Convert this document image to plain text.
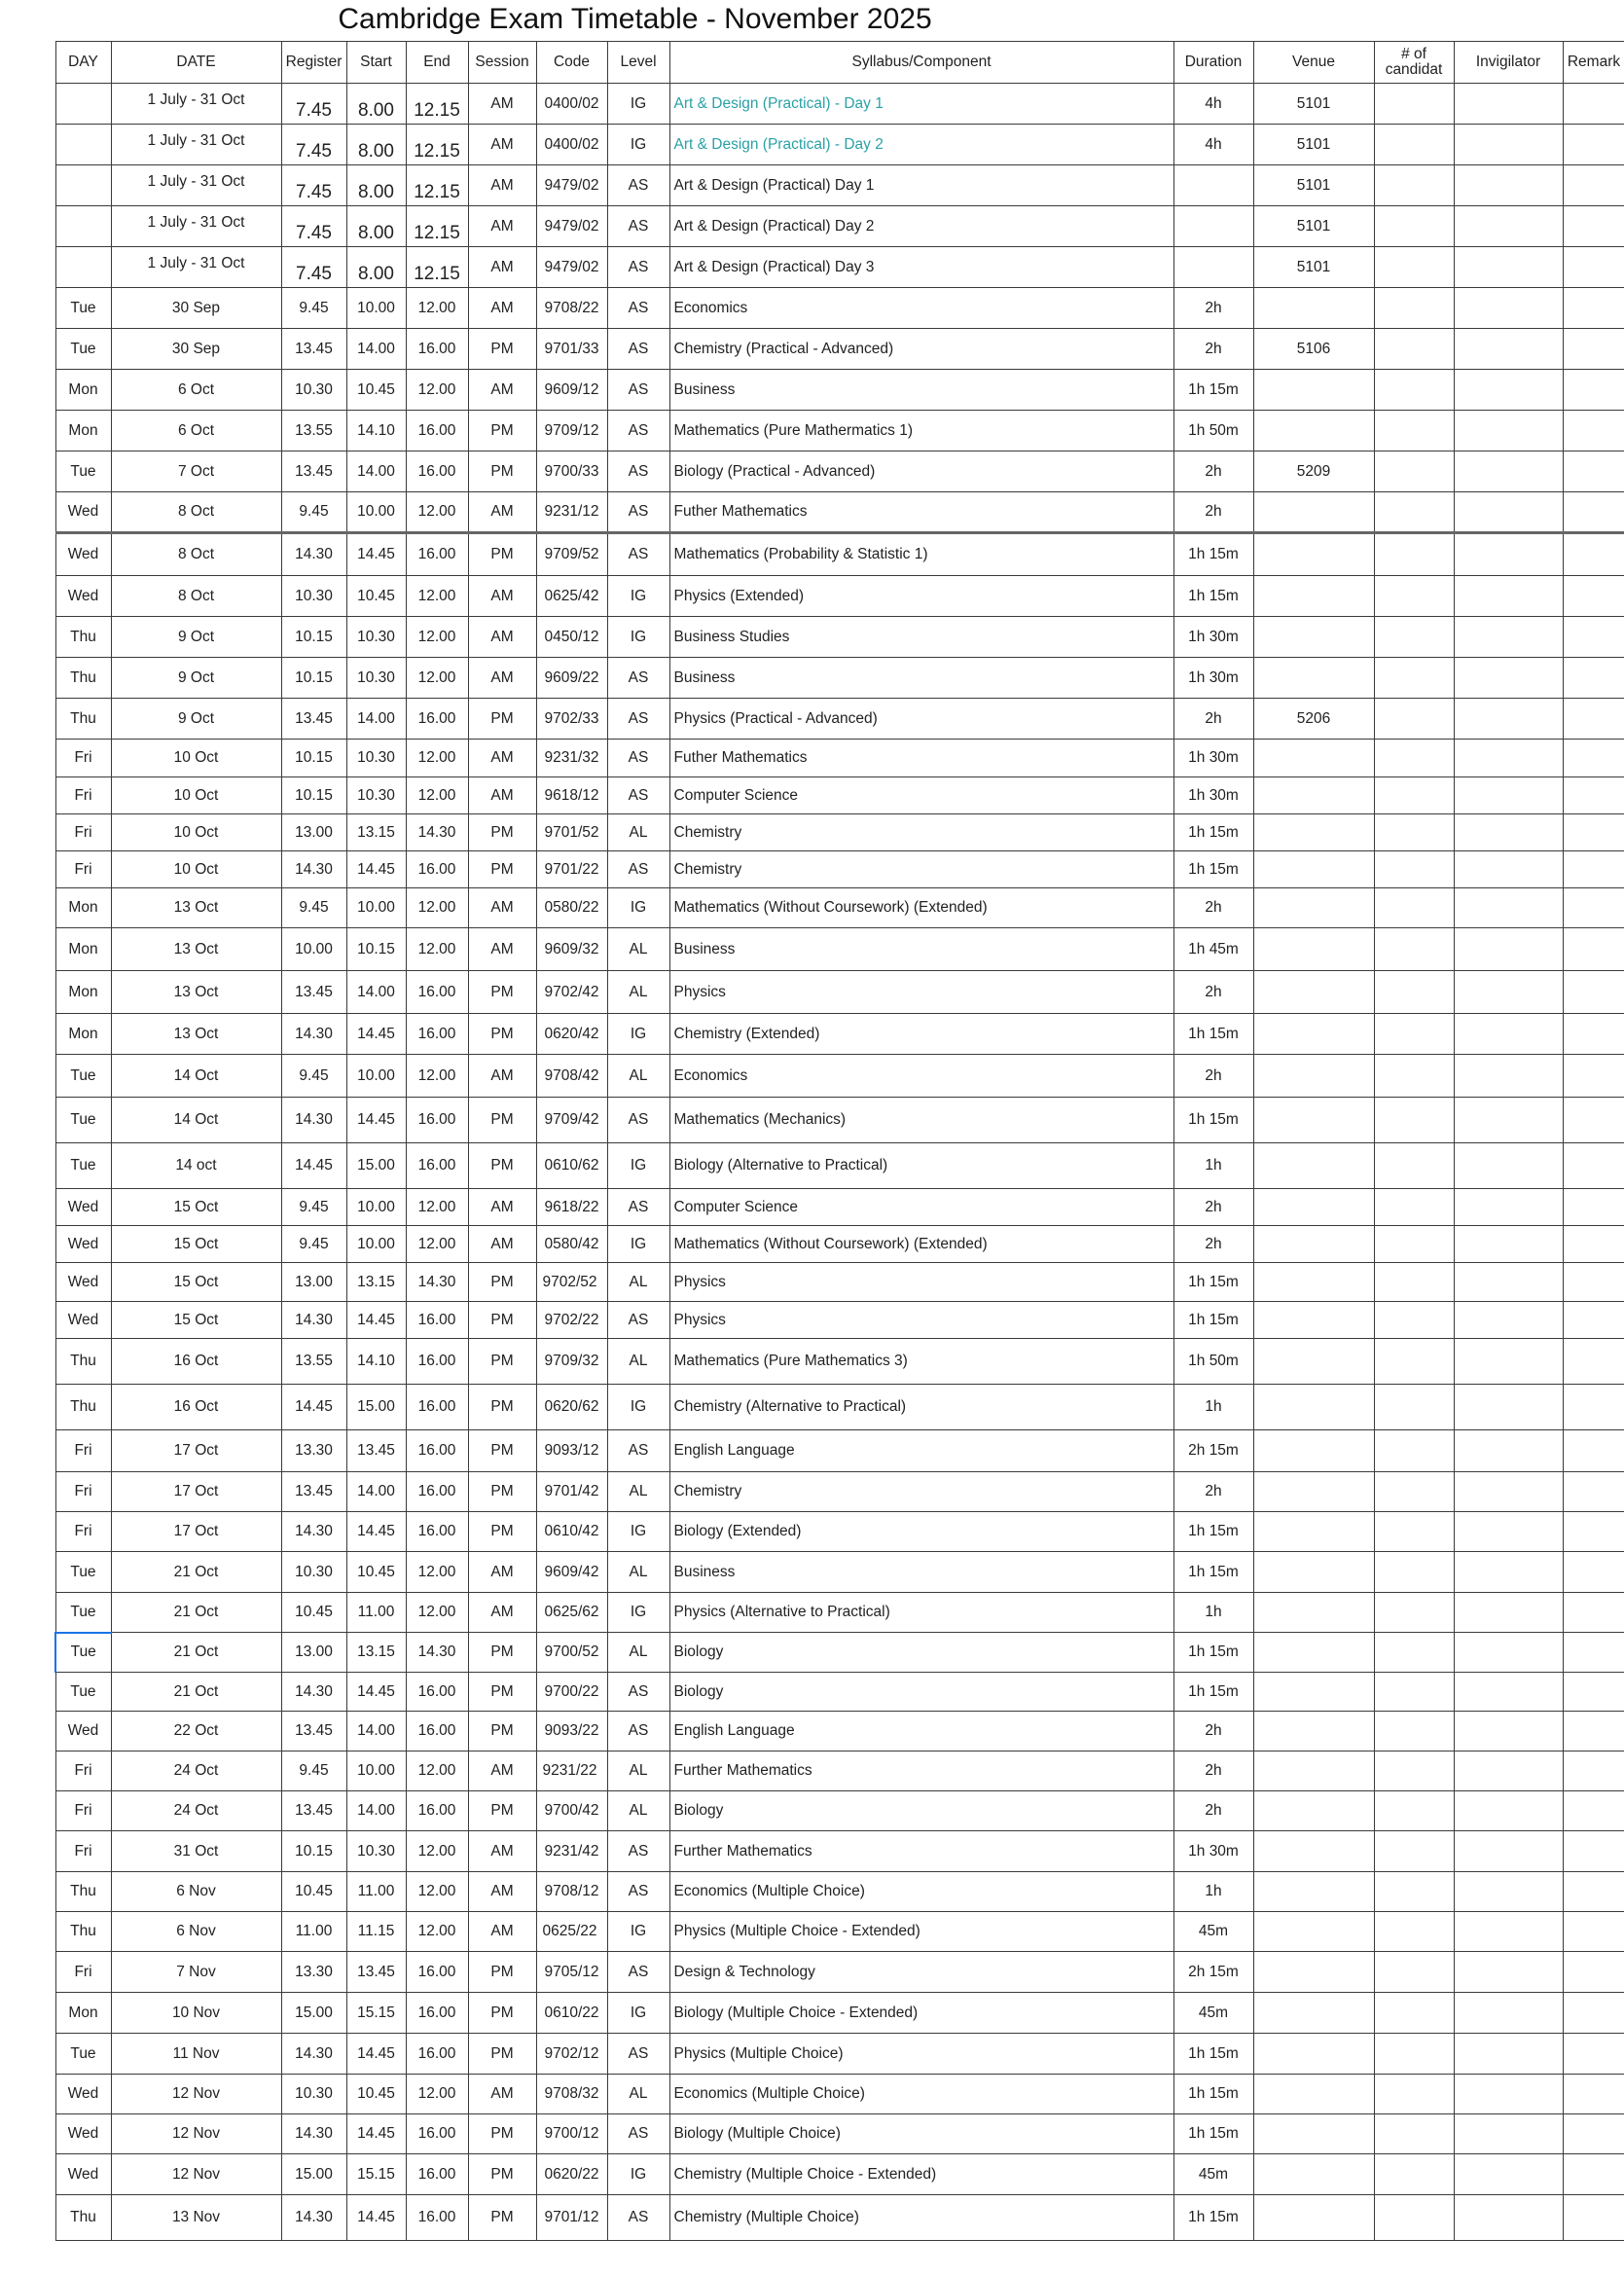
Cambridge Exam Timetable - November 2025
DAY	DATE	Register	Start	End	Session	Code	Level	Syllabus/Component	Duration	Venue	# of candidat	Invigilator	Remark
	1 July - 31 Oct	7.45	8.00	12.15	AM	0400/02	IG	Art & Design (Practical) - Day 1	4h	5101			
	1 July - 31 Oct	7.45	8.00	12.15	AM	0400/02	IG	Art & Design (Practical) - Day 2	4h	5101			
	1 July - 31 Oct	7.45	8.00	12.15	AM	9479/02	AS	Art & Design (Practical) Day 1		5101			
	1 July - 31 Oct	7.45	8.00	12.15	AM	9479/02	AS	Art & Design (Practical) Day 2		5101			
	1 July - 31 Oct	7.45	8.00	12.15	AM	9479/02	AS	Art & Design (Practical) Day 3		5101			
Tue	30 Sep	9.45	10.00	12.00	AM	9708/22	AS	Economics	2h				
Tue	30 Sep	13.45	14.00	16.00	PM	9701/33	AS	Chemistry (Practical - Advanced)	2h	5106			
Mon	6 Oct	10.30	10.45	12.00	AM	9609/12	AS	Business	1h 15m				
Mon	6 Oct	13.55	14.10	16.00	PM	9709/12	AS	Mathematics (Pure Mathermatics 1)	1h 50m				
Tue	7 Oct	13.45	14.00	16.00	PM	9700/33	AS	Biology (Practical - Advanced)	2h	5209			
Wed	8 Oct	9.45	10.00	12.00	AM	9231/12	AS	Futher Mathematics	2h				
Wed	8 Oct	14.30	14.45	16.00	PM	9709/52	AS	Mathematics (Probability & Statistic 1)	1h 15m				
Wed	8 Oct	10.30	10.45	12.00	AM	0625/42	IG	Physics (Extended)	1h 15m				
Thu	9 Oct	10.15	10.30	12.00	AM	0450/12	IG	Business Studies	1h 30m				
Thu	9 Oct	10.15	10.30	12.00	AM	9609/22	AS	Business	1h 30m				
Thu	9 Oct	13.45	14.00	16.00	PM	9702/33	AS	Physics (Practical - Advanced)	2h	5206			
Fri	10 Oct	10.15	10.30	12.00	AM	9231/32	AS	Futher Mathematics	1h 30m				
Fri	10 Oct	10.15	10.30	12.00	AM	9618/12	AS	Computer Science	1h 30m				
Fri	10 Oct	13.00	13.15	14.30	PM	9701/52	AL	Chemistry	1h 15m				
Fri	10 Oct	14.30	14.45	16.00	PM	9701/22	AS	Chemistry	1h 15m				
Mon	13 Oct	9.45	10.00	12.00	AM	0580/22	IG	Mathematics (Without Coursework) (Extended)	2h				
Mon	13 Oct	10.00	10.15	12.00	AM	9609/32	AL	Business	1h 45m				
Mon	13 Oct	13.45	14.00	16.00	PM	9702/42	AL	Physics	2h				
Mon	13 Oct	14.30	14.45	16.00	PM	0620/42	IG	Chemistry (Extended)	1h 15m				
Tue	14 Oct	9.45	10.00	12.00	AM	9708/42	AL	Economics	2h				
Tue	14 Oct	14.30	14.45	16.00	PM	9709/42	AS	Mathematics (Mechanics)	1h 15m				
Tue	14 oct	14.45	15.00	16.00	PM	0610/62	IG	Biology (Alternative to Practical)	1h				
Wed	15 Oct	9.45	10.00	12.00	AM	9618/22	AS	Computer Science	2h				
Wed	15 Oct	9.45	10.00	12.00	AM	0580/42	IG	Mathematics (Without Coursework) (Extended)	2h				
Wed	15 Oct	13.00	13.15	14.30	PM	9702/52	AL	Physics	1h 15m				
Wed	15 Oct	14.30	14.45	16.00	PM	9702/22	AS	Physics	1h 15m				
Thu	16 Oct	13.55	14.10	16.00	PM	9709/32	AL	Mathematics (Pure Mathematics 3)	1h 50m				
Thu	16 Oct	14.45	15.00	16.00	PM	0620/62	IG	Chemistry (Alternative to Practical)	1h				
Fri	17 Oct	13.30	13.45	16.00	PM	9093/12	AS	English Language	2h 15m				
Fri	17 Oct	13.45	14.00	16.00	PM	9701/42	AL	Chemistry	2h				
Fri	17 Oct	14.30	14.45	16.00	PM	0610/42	IG	Biology (Extended)	1h 15m				
Tue	21 Oct	10.30	10.45	12.00	AM	9609/42	AL	Business	1h 15m				
Tue	21 Oct	10.45	11.00	12.00	AM	0625/62	IG	Physics (Alternative to Practical)	1h				
Tue	21 Oct	13.00	13.15	14.30	PM	9700/52	AL	Biology	1h 15m				
Tue	21 Oct	14.30	14.45	16.00	PM	9700/22	AS	Biology	1h 15m				
Wed	22 Oct	13.45	14.00	16.00	PM	9093/22	AS	English Language	2h				
Fri	24 Oct	9.45	10.00	12.00	AM	9231/22	AL	Further Mathematics	2h				
Fri	24 Oct	13.45	14.00	16.00	PM	9700/42	AL	Biology	2h				
Fri	31 Oct	10.15	10.30	12.00	AM	9231/42	AS	Further Mathematics	1h 30m				
Thu	6 Nov	10.45	11.00	12.00	AM	9708/12	AS	Economics (Multiple Choice)	1h				
Thu	6 Nov	11.00	11.15	12.00	AM	0625/22	IG	Physics (Multiple Choice - Extended)	45m				
Fri	7 Nov	13.30	13.45	16.00	PM	9705/12	AS	Design & Technology	2h 15m				
Mon	10 Nov	15.00	15.15	16.00	PM	0610/22	IG	Biology (Multiple Choice - Extended)	45m				
Tue	11 Nov	14.30	14.45	16.00	PM	9702/12	AS	Physics (Multiple Choice)	1h 15m				
Wed	12 Nov	10.30	10.45	12.00	AM	9708/32	AL	Economics (Multiple Choice)	1h 15m				
Wed	12 Nov	14.30	14.45	16.00	PM	9700/12	AS	Biology (Multiple Choice)	1h 15m				
Wed	12 Nov	15.00	15.15	16.00	PM	0620/22	IG	Chemistry (Multiple Choice - Extended)	45m				
Thu	13 Nov	14.30	14.45	16.00	PM	9701/12	AS	Chemistry (Multiple Choice)	1h 15m				
